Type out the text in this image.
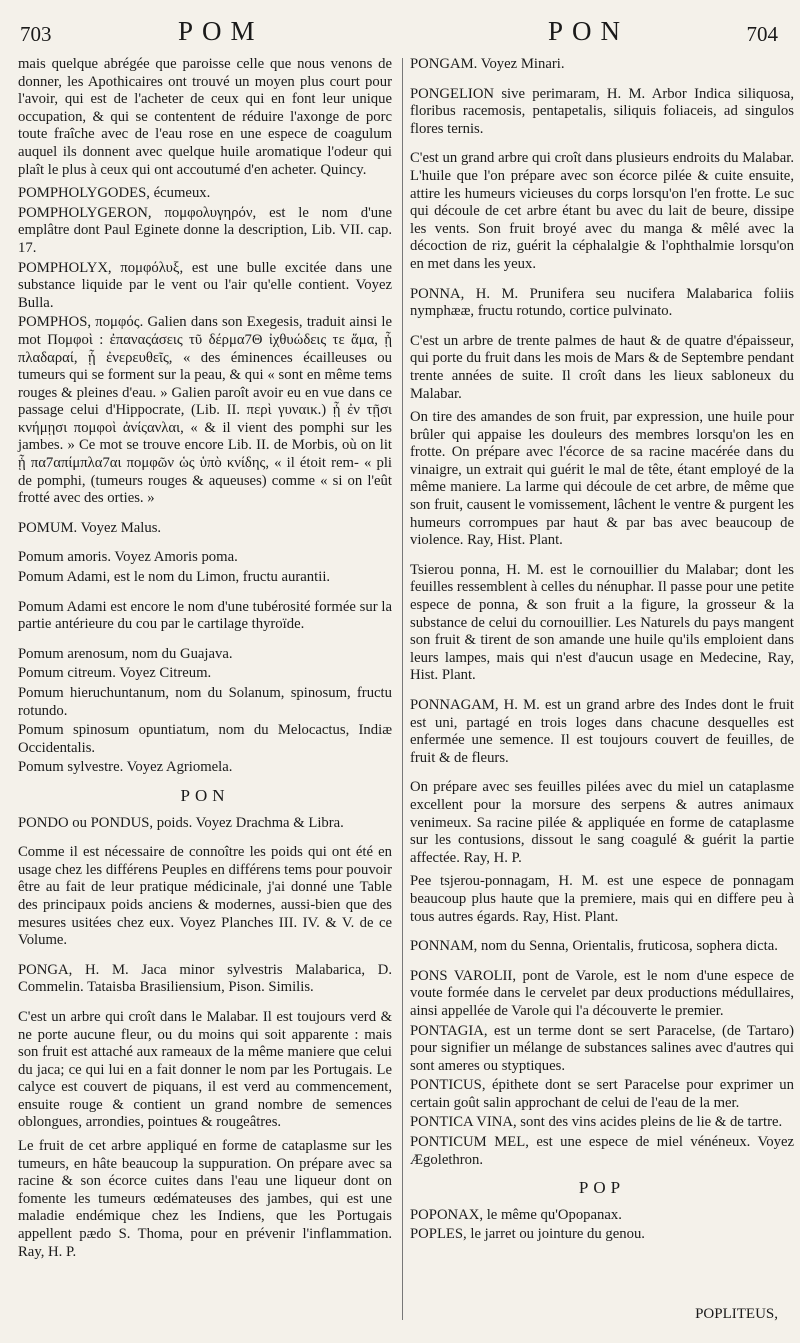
703	POM	PON	704

mais quelque abrégée que paroisse celle que nous venons de donner, les Apothicaires ont trouvé un moyen plus court pour l'avoir, qui est de l'acheter de ceux qui en font leur unique occupation, & qui se contentent de réduire l'axonge de porc toute fraîche avec de l'eau rose en une espece de coagulum auquel ils donnent avec quelque huile aromatique l'odeur qui plaît le plus à ceux qui ont accoutumé d'en acheter. Quincy.

POMPHOLYGODES, écumeux.

POMPHOLYGERON, πομφολυγηρόν, est le nom d'une emplâtre dont Paul Eginete donne la description, Lib. VII. cap. 17.

POMPHOLYX, πομφόλυξ, est une bulle excitée dans une substance liquide par le vent ou l'air qu'elle contient. Voyez Bulla.

POMPHOS, πομφός. Galien dans son Exegesis, traduit ainsi le mot Πομφοὶ : ἐπαναςάσεις τῦ δέρμα7Θ ἰχθυώδεις τε ἅμα, ᾗ πλαδαραί, ᾗ ἐνερευθεῖς, « des éminences écailleuses ou tumeurs qui se forment sur la peau, & qui « sont en même tems rouges & pleines d'eau. » Galien paroît avoir eu en vue dans ce passage celui d'Hippocrate, (Lib. II. περὶ γυναικ.) ᾗ ἐν τῇσι κνήμῃσι πομφοὶ ἀνίςανλαι, « & il vient des pomphi sur les jambes. » Ce mot se trouve encore Lib. II. de Morbis, où on lit ᾗ πα7απίμπλα7αι πομφῶν ὡς ὑπὸ κνίδης, « il étoit rem- « pli de pomphi, (tumeurs rouges & aqueuses) comme « si on l'eût frotté avec des orties. »

POMUM. Voyez Malus.

Pomum amoris. Voyez Amoris poma.

Pomum Adami, est le nom du Limon, fructu aurantii.

Pomum Adami est encore le nom d'une tubérosité formée sur la partie antérieure du cou par le cartilage thyroïde.

Pomum arenosum, nom du Guajava.

Pomum citreum. Voyez Citreum.

Pomum hieruchuntanum, nom du Solanum, spinosum, fructu rotundo.

Pomum spinosum opuntiatum, nom du Melocactus, Indiæ Occidentalis.

Pomum sylvestre. Voyez Agriomela.

PON

PONDO ou PONDUS, poids. Voyez Drachma & Libra.

Comme il est nécessaire de connoître les poids qui ont été en usage chez les différens Peuples en différens tems pour pouvoir être au fait de leur pratique médicinale, j'ai donné une Table des principaux poids anciens & modernes, aussi-bien que des mesures usitées chez eux. Voyez Planches III. IV. & V. de ce Volume.

PONGA, H. M. Jaca minor sylvestris Malabarica, D. Commelin. Tataisba Brasiliensium, Pison. Similis.

C'est un arbre qui croît dans le Malabar. Il est toujours verd & ne porte aucune fleur, ou du moins qui soit apparente : mais son fruit est attaché aux rameaux de la même maniere que celui du jaca; ce qui lui en a fait donner le nom par les Portugais. Le calyce est couvert de piquans, il est verd au commencement, ensuite rouge & contient un grand nombre de semences oblongues, arrondies, pointues & rougeâtres.

Le fruit de cet arbre appliqué en forme de cataplasme sur les tumeurs, en hâte beaucoup la suppuration. On prépare avec sa racine & son écorce cuites dans l'eau une liqueur dont on fomente les tumeurs œdémateuses des jambes, qui est une maladie endémique chez les Indiens, que les Portugais appellent pædo S. Thoma, pour en prévenir l'inflammation. Ray, H. P.

PONGAM. Voyez Minari.

PONGELION sive perimaram, H. M. Arbor Indica siliquosa, floribus racemosis, pentapetalis, siliquis foliaceis, ad singulos flores ternis.

C'est un grand arbre qui croît dans plusieurs endroits du Malabar. L'huile que l'on prépare avec son écorce pilée & cuite ensuite, attire les humeurs vicieuses du corps lorsqu'on l'en frotte. Le suc qui découle de cet arbre étant bu avec du lait de beure, dissipe les vents. Son fruit broyé avec du manga & mêlé avec la décoction de riz, guérit la céphalalgie & l'ophthalmie lorsqu'on en met dans les yeux.

PONNA, H. M. Prunifera seu nucifera Malabarica foliis nymphææ, fructu rotundo, cortice pulvinato.

C'est un arbre de trente palmes de haut & de quatre d'épaisseur, qui porte du fruit dans les mois de Mars & de Septembre pendant trente années de suite. Il croît dans les lieux sabloneux du Malabar.

On tire des amandes de son fruit, par expression, une huile pour brûler qui appaise les douleurs des membres lorsqu'on les en frotte. On prépare avec l'écorce de sa racine macérée dans du vinaigre, un extrait qui guérit le mal de tête, étant employé de la même maniere. La larme qui découle de cet arbre, de même que son fruit, causent le vomissement, lâchent le ventre & purgent les humeurs corrompues par haut & par bas avec beaucoup de violence. Ray, Hist. Plant.

Tsierou ponna, H. M. est le cornouillier du Malabar; dont les feuilles ressemblent à celles du nénuphar. Il passe pour une petite espece de ponna, & son fruit a la figure, la grosseur & la substance de celui du cornouillier. Les Naturels du pays mangent son fruit & tirent de son amande une huile qu'ils emploient dans leurs lampes, mais qui n'est d'aucun usage en Medecine, Ray, Hist. Plant.

PONNAGAM, H. M. est un grand arbre des Indes dont le fruit est uni, partagé en trois loges dans chacune desquelles est enfermée une semence. Il est toujours couvert de feuilles, de fruit & de fleurs.

On prépare avec ses feuilles pilées avec du miel un cataplasme excellent pour la morsure des serpens & autres animaux venimeux. Sa racine pilée & appliquée en forme de cataplasme sur les contusions, dissout le sang coagulé & guérit la partie affectée. Ray, H. P.

Pee tsjerou-ponnagam, H. M. est une espece de ponnagam beaucoup plus haute que la premiere, mais qui en differe peu à tous autres égards. Ray, Hist. Plant.

PONNAM, nom du Senna, Orientalis, fruticosa, sophera dicta.

PONS VAROLII, pont de Varole, est le nom d'une espece de voute formée dans le cervelet par deux productions médullaires, ainsi appellée de Varole qui l'a découverte le premier.

PONTAGIA, est un terme dont se sert Paracelse, (de Tartaro) pour signifier un mélange de substances salines avec d'autres qui sont ameres ou styptiques.

PONTICUS, épithete dont se sert Paracelse pour exprimer un certain goût salin approchant de celui de l'eau de la mer.

PONTICA VINA, sont des vins acides pleins de lie & de tartre.

PONTICUM MEL, est une espece de miel vénéneux. Voyez Ægolethron.

POP

POPONAX, le même qu'Opopanax.

POPLES, le jarret ou jointure du genou.

POPLITEUS,
